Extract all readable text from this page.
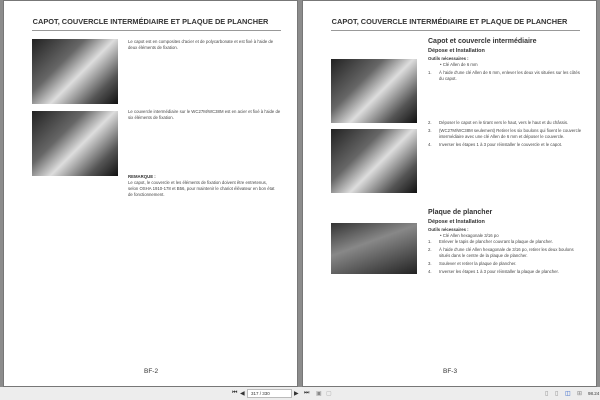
CAPOT, COUVERCLE INTERMÉDIAIRE ET PLAQUE DE PLANCHER
Le capot est en composites d'acier et de polycarbonate et est fixé à l'aide de deux éléments de fixation.
Le couvercle intermédiaire sur le WC27M/WC38M est en acier et fixé à l'aide de six éléments de fixation.
REMARQUE :
Le capot, le couvercle et les éléments de fixation doivent être entretenus, selon OSHA 1910-178 et B56, pour maintenir le chariot élévateur en bon état de fonctionnement.
BF-2
CAPOT, COUVERCLE INTERMÉDIAIRE ET PLAQUE DE PLANCHER
Capot et couvercle intermédiaire
Dépose et Installation
Outils nécessaires :
• Clé Allen de 6 mm
1.	À l'aide d'une clé Allen de 6 mm, enlever les deux vis situées sur les côtés du capot.
2.	Déposer le capot en le tirant vers le haut, vers le haut et du châssis.
3.	(WC27M/WC38M seulement) Retirer les six boulons qui fixent le couvercle intermédiaire avec une clé Allen de 6 mm et déposer le couvercle.
4.	Inverser les étapes 1 à 3 pour réinstaller le couvercle et le capot.
Plaque de plancher
Dépose et Installation
Outils nécessaires :
• Clé Allen hexagonale 3/16 po
1.	Enlever le tapis de plancher couvrant la plaque de plancher.
2.	À l'aide d'une clé Allen hexagonale de 3/16 po, retirer les deux boulons situés dans le centre de la plaque de plancher.
3.	Soulever et retirer la plaque de plancher.
4.	Inverser les étapes 1 à 3 pour réinstaller la plaque de plancher.
BF-3
⏮ ◀	317 / 330	▶ ⏭ ▣ ▢	▯ ▯ ◫ ⊞ 98.24
